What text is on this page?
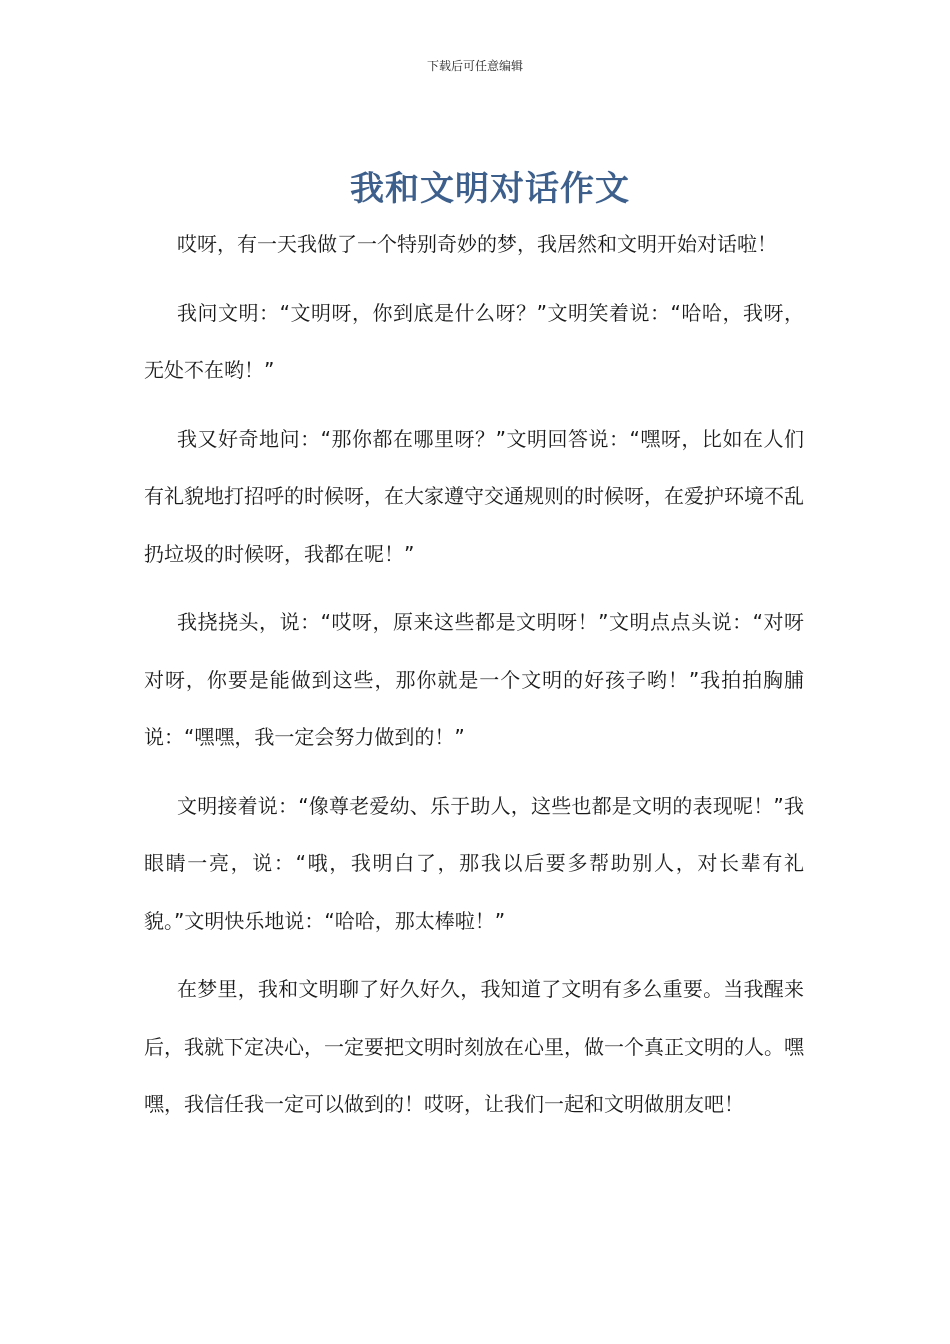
下载后可任意编辑
我和文明对话作文

哎呀，有一天我做了一个特别奇妙的梦，我居然和文明开始对话啦！

我问文明：“文明呀，你到底是什么呀？”文明笑着说：“哈哈，我呀，无处不在哟！”

我又好奇地问：“那你都在哪里呀？”文明回答说：“嘿呀，比如在人们有礼貌地打招呼的时候呀，在大家遵守交通规则的时候呀，在爱护环境不乱扔垃圾的时候呀，我都在呢！”

我挠挠头，说：“哎呀，原来这些都是文明呀！”文明点点头说：“对呀对呀，你要是能做到这些，那你就是一个文明的好孩子哟！”我拍拍胸脯说：“嘿嘿，我一定会努力做到的！”

文明接着说：“像尊老爱幼、乐于助人，这些也都是文明的表现呢！”我眼睛一亮，说：“哦，我明白了，那我以后要多帮助别人，对长辈有礼貌。”文明快乐地说：“哈哈，那太棒啦！”

在梦里，我和文明聊了好久好久，我知道了文明有多么重要。当我醒来后，我就下定决心，一定要把文明时刻放在心里，做一个真正文明的人。嘿嘿，我信任我一定可以做到的！哎呀，让我们一起和文明做朋友吧！
